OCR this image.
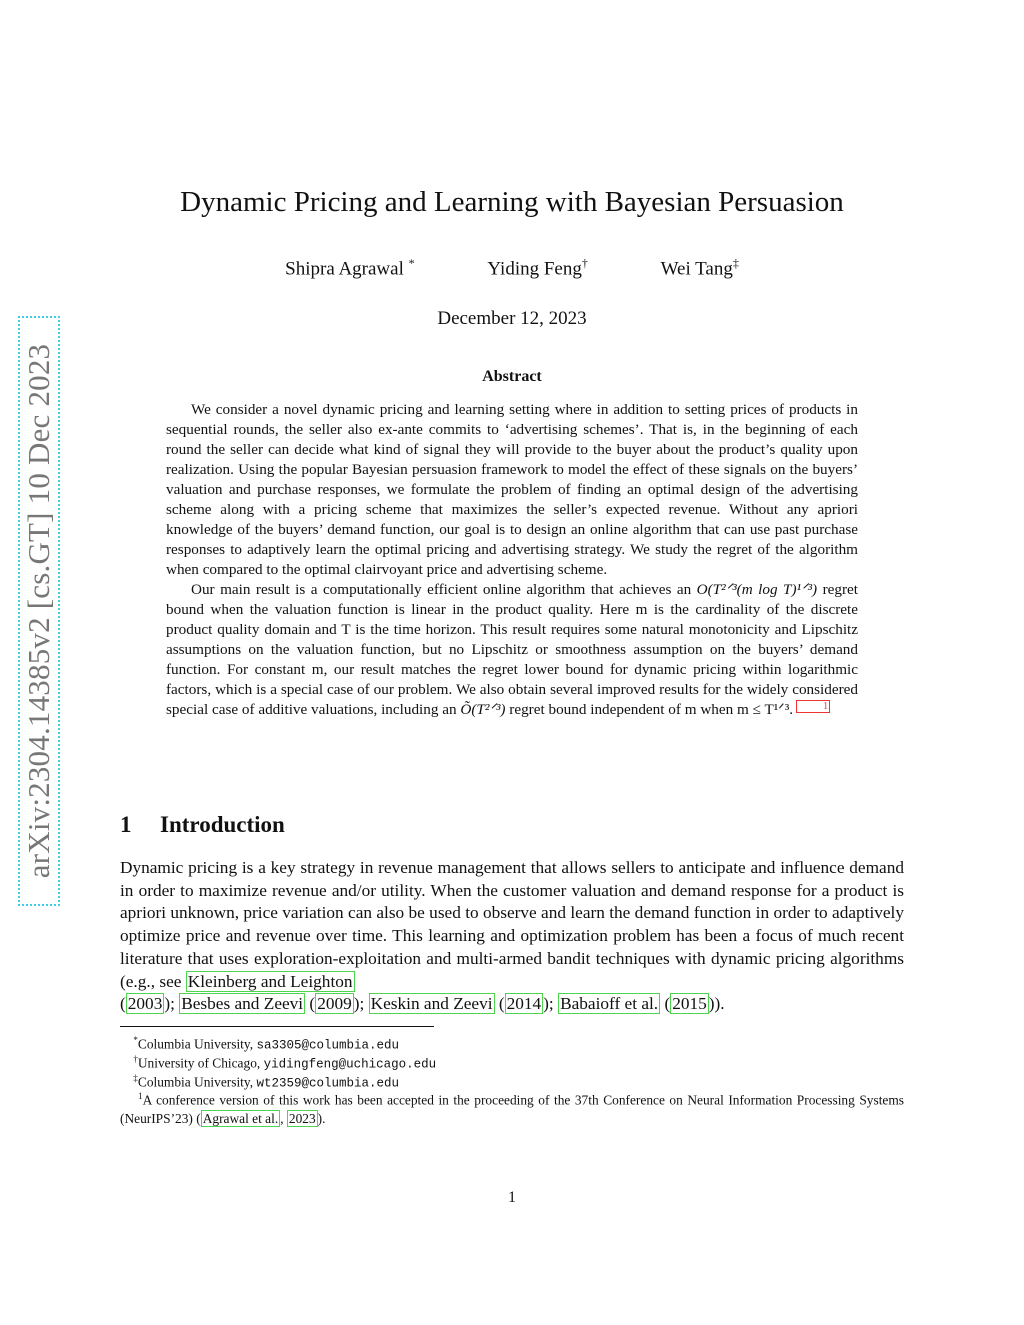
arXiv:2304.14385v2 [cs.GT] 10 Dec 2023
Dynamic Pricing and Learning with Bayesian Persuasion
Shipra Agrawal *	Yiding Feng†	Wei Tang‡
December 12, 2023
Abstract

We consider a novel dynamic pricing and learning setting where in addition to setting prices of products in sequential rounds, the seller also ex-ante commits to ‘advertising schemes’. That is, in the beginning of each round the seller can decide what kind of signal they will provide to the buyer about the product’s quality upon realization. Using the popular Bayesian persuasion framework to model the effect of these signals on the buyers’ valuation and purchase responses, we formulate the problem of finding an optimal design of the advertising scheme along with a pricing scheme that maximizes the seller’s expected revenue. Without any apriori knowledge of the buyers’ demand function, our goal is to design an online algorithm that can use past purchase responses to adaptively learn the optimal pricing and advertising strategy. We study the regret of the algorithm when compared to the optimal clairvoyant price and advertising scheme.

Our main result is a computationally efficient online algorithm that achieves an O(T²ᐟ³(m log T)¹ᐟ³) regret bound when the valuation function is linear in the product quality. Here m is the cardinality of the discrete product quality domain and T is the time horizon. This result requires some natural monotonicity and Lipschitz assumptions on the valuation function, but no Lipschitz or smoothness assumption on the buyers’ demand function. For constant m, our result matches the regret lower bound for dynamic pricing within logarithmic factors, which is a special case of our problem. We also obtain several improved results for the widely considered special case of additive valuations, including an Õ(T²ᐟ³) regret bound independent of m when m ≤ T¹ᐟ³.	1

1 Introduction

Dynamic pricing is a key strategy in revenue management that allows sellers to anticipate and influence demand in order to maximize revenue and/or utility. When the customer valuation and demand response for a product is apriori unknown, price variation can also be used to observe and learn the demand function in order to adaptively optimize price and revenue over time. This learning and optimization problem has been a focus of much recent literature that uses exploration-exploitation and multi-armed bandit techniques with dynamic pricing algorithms (e.g., see Kleinberg and Leighton
( 2003 ); Besbes and Zeevi ( 2009 ); Keskin and Zeevi ( 2014 ); Babaioff et al. ( 2015 )).

*Columbia University, sa3305@columbia.edu

†University of Chicago, yidingfeng@uchicago.edu

‡Columbia University, wt2359@columbia.edu

$^1$A conference version of this work has been accepted in the proceeding of the 37th Conference on Neural Information Processing Systems (NeurIPS’23) ( Agrawal et al. , 2023 ).

1
